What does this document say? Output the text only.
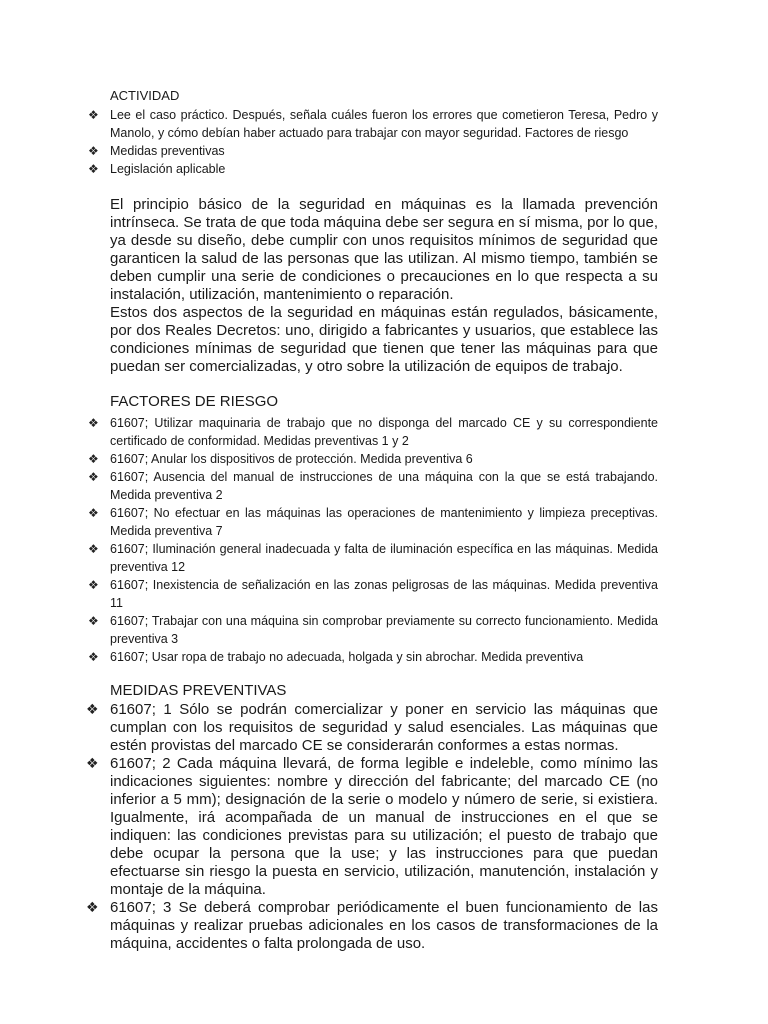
ACTIVIDAD
❖ Lee el caso práctico. Después, señala cuáles fueron los errores que cometieron Teresa, Pedro y Manolo, y cómo debían haber actuado para trabajar con mayor seguridad. Factores de riesgo
❖ Medidas preventivas
❖ Legislación aplicable

El principio básico de la seguridad en máquinas es la llamada prevención intrínseca. Se trata de que toda máquina debe ser segura en sí misma, por lo que, ya desde su diseño, debe cumplir con unos requisitos mínimos de seguridad que garanticen la salud de las personas que las utilizan. Al mismo tiempo, también se deben cumplir una serie de condiciones o precauciones en lo que respecta a su instalación, utilización, mantenimiento o reparación.

Estos dos aspectos de la seguridad en máquinas están regulados, básicamente, por dos Reales Decretos: uno, dirigido a fabricantes y usuarios, que establece las condiciones mínimas de seguridad que tienen que tener las máquinas para que puedan ser comercializadas, y otro sobre la utilización de equipos de trabajo.

FACTORES DE RIESGO
❖ 61607; Utilizar maquinaria de trabajo que no disponga del marcado CE y su correspondiente certificado de conformidad. Medidas preventivas 1 y 2
❖ 61607; Anular los dispositivos de protección. Medida preventiva 6
❖ 61607; Ausencia del manual de instrucciones de una máquina con la que se está trabajando. Medida preventiva 2
❖ 61607; No efectuar en las máquinas las operaciones de mantenimiento y limpieza preceptivas. Medida preventiva 7
❖ 61607; Iluminación general inadecuada y falta de iluminación específica en las máquinas. Medida preventiva 12
❖ 61607; Inexistencia de señalización en las zonas peligrosas de las máquinas. Medida preventiva 11
❖ 61607; Trabajar con una máquina sin comprobar previamente su correcto funcionamiento. Medida preventiva 3
❖ 61607; Usar ropa de trabajo no adecuada, holgada y sin abrochar. Medida preventiva
MEDIDAS PREVENTIVAS
❖ 61607; 1 Sólo se podrán comercializar y poner en servicio las máquinas que cumplan con los requisitos de seguridad y salud esenciales. Las máquinas que estén provistas del marcado CE se considerarán conformes a estas normas.
❖ 61607; 2 Cada máquina llevará, de forma legible e indeleble, como mínimo las indicaciones siguientes: nombre y dirección del fabricante; del marcado CE (no inferior a 5 mm); designación de la serie o modelo y número de serie, si existiera. Igualmente, irá acompañada de un manual de instrucciones en el que se indiquen: las condiciones previstas para su utilización; el puesto de trabajo que debe ocupar la persona que la use; y las instrucciones para que puedan efectuarse sin riesgo la puesta en servicio, utilización, manutención, instalación y montaje de la máquina.
❖ 61607; 3 Se deberá comprobar periódicamente el buen funcionamiento de las máquinas y realizar pruebas adicionales en los casos de transformaciones de la máquina, accidentes o falta prolongada de uso.
